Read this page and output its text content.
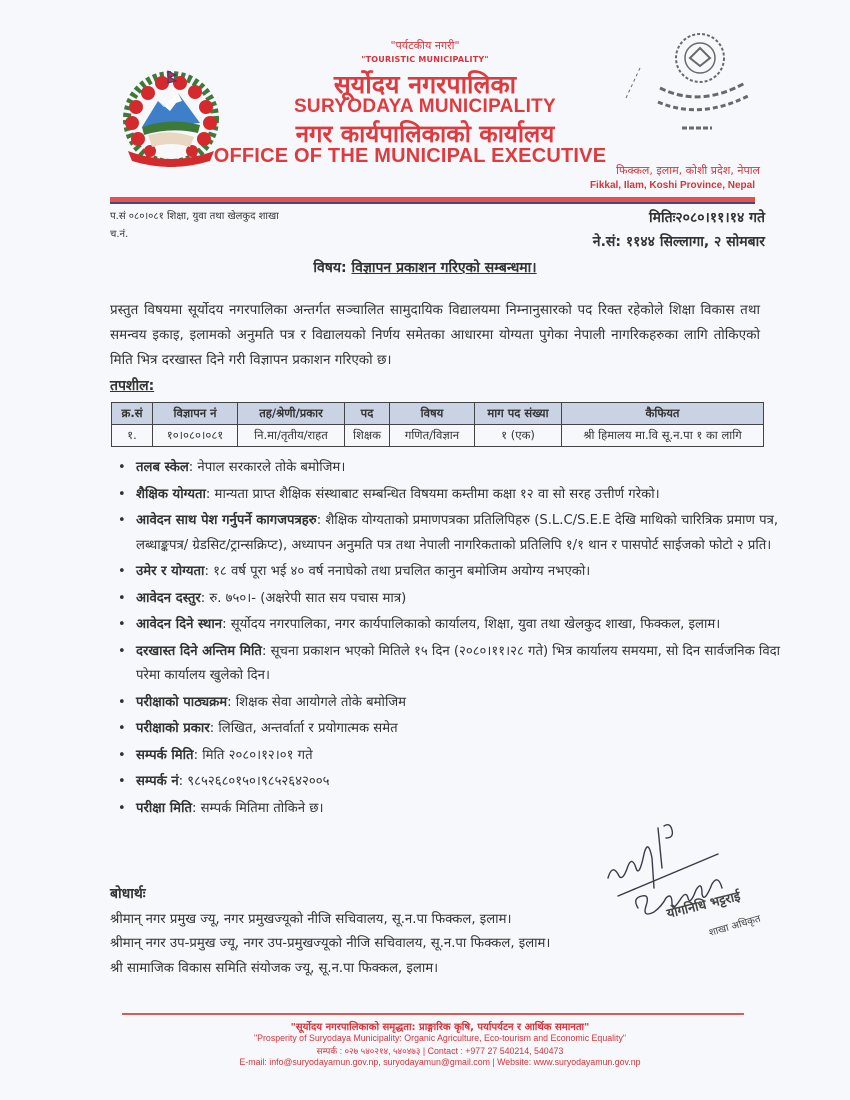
"पर्यटकीय नगरी"
"TOURISTIC MUNICIPALITY"
सूर्योदय नगरपालिका
SURYODAYA MUNICIPALITY
नगर कार्यपालिकाको कार्यालय
OFFICE OF THE MUNICIPAL EXECUTIVE
फिक्कल, इलाम, कोशी प्रदेश, नेपाल
Fikkal, Ilam, Koshi Province, Nepal
प.सं ०८०।०८१ शिक्षा, युवा तथा खेलकुद शाखा
च.नं.
मितिः२०८०।११।१४ गते
ने.सं: ११४४ सिल्लागा, २ सोमबार
विषय: विज्ञापन प्रकाशन गरिएको सम्बन्धमा।
प्रस्तुत विषयमा सूर्योदय नगरपालिका अन्तर्गत सञ्चालित सामुदायिक विद्यालयमा निम्नानुसारको पद रिक्त रहेकोले शिक्षा विकास तथा समन्वय इकाइ, इलामको अनुमति पत्र र विद्यालयको निर्णय समेतका आधारमा योग्यता पुगेका नेपाली नागरिकहरुका लागि तोकिएको मिति भित्र दरखास्त दिने गरी विज्ञापन प्रकाशन गरिएको छ।
तपशील:
क्र.सं	विज्ञापन नं	तह/श्रेणी/प्रकार	पद	विषय	माग पद संख्या	कैफियत
१.	१०।०८०।०८१	नि.मा/तृतीय/राहत	शिक्षक	गणित/विज्ञान	१ (एक)	श्री हिमालय मा.वि सू.न.पा १ का लागि
• तलब स्केल: नेपाल सरकारले तोके बमोजिम।
• शैक्षिक योग्यता: मान्यता प्राप्त शैक्षिक संस्थाबाट सम्बन्धित विषयमा कम्तीमा कक्षा १२ वा सो सरह उत्तीर्ण गरेको।
• आवेदन साथ पेश गर्नुपर्ने कागजपत्रहरु: शैक्षिक योग्यताको प्रमाणपत्रका प्रतिलिपिहरु (S.L.C/S.E.E देखि माथिको चारित्रिक प्रमाण पत्र, लब्धाङ्कपत्र/ ग्रेडसिट/ट्रान्सक्रिप्ट), अध्यापन अनुमति पत्र तथा नेपाली नागरिकताको प्रतिलिपि १/१ थान र पासपोर्ट साईजको फोटो २ प्रति।
• उमेर र योग्यता: १८ वर्ष पूरा भई ४० वर्ष ननाघेको तथा प्रचलित कानुन बमोजिम अयोग्य नभएको।
• आवेदन दस्तुर: रु. ७५०।- (अक्षरेपी सात सय पचास मात्र)
• आवेदन दिने स्थान: सूर्योदय नगरपालिका, नगर कार्यपालिकाको कार्यालय, शिक्षा, युवा तथा खेलकुद शाखा, फिक्कल, इलाम।
• दरखास्त दिने अन्तिम मिति: सूचना प्रकाशन भएको मितिले १५ दिन (२०८०।११।२८ गते) भित्र कार्यालय समयमा, सो दिन सार्वजनिक विदा परेमा कार्यालय खुलेको दिन।
• परीक्षाको पाठ्यक्रम: शिक्षक सेवा आयोगले तोके बमोजिम
• परीक्षाको प्रकार: लिखित, अन्तर्वार्ता र प्रयोगात्मक समेत
• सम्पर्क मिति: मिति २०८०।१२।०१ गते
• सम्पर्क नं: ९८५२६८०१५०।९८५२६४२००५
• परीक्षा मिति: सम्पर्क मितिमा तोकिने छ।
योगनिधि भट्टराई
शाखा अधिकृत
बोधार्थः
श्रीमान् नगर प्रमुख ज्यू, नगर प्रमुखज्यूको नीजि सचिवालय, सू.न.पा फिक्कल, इलाम।
श्रीमान् नगर उप-प्रमुख ज्यू, नगर उप-प्रमुखज्यूको नीजि सचिवालय, सू.न.पा फिक्कल, इलाम।
श्री सामाजिक विकास समिति संयोजक ज्यू, सू.न.पा फिक्कल, इलाम।
"सूर्योदय नगरपालिकाको समृद्धता: प्राङ्गारिक कृषि, पर्यापर्यटन र आर्थिक समानता"
"Prosperity of Suryodaya Municipality: Organic Agriculture, Eco-tourism and Economic Equality"
सम्पर्क : ०२७ ५४०२१४, ५४०४७३ | Contact : +977 27 540214, 540473
E-mail: info@suryodayamun.gov.np, suryodayamun@gmail.com | Website: www.suryodayamun.gov.np
